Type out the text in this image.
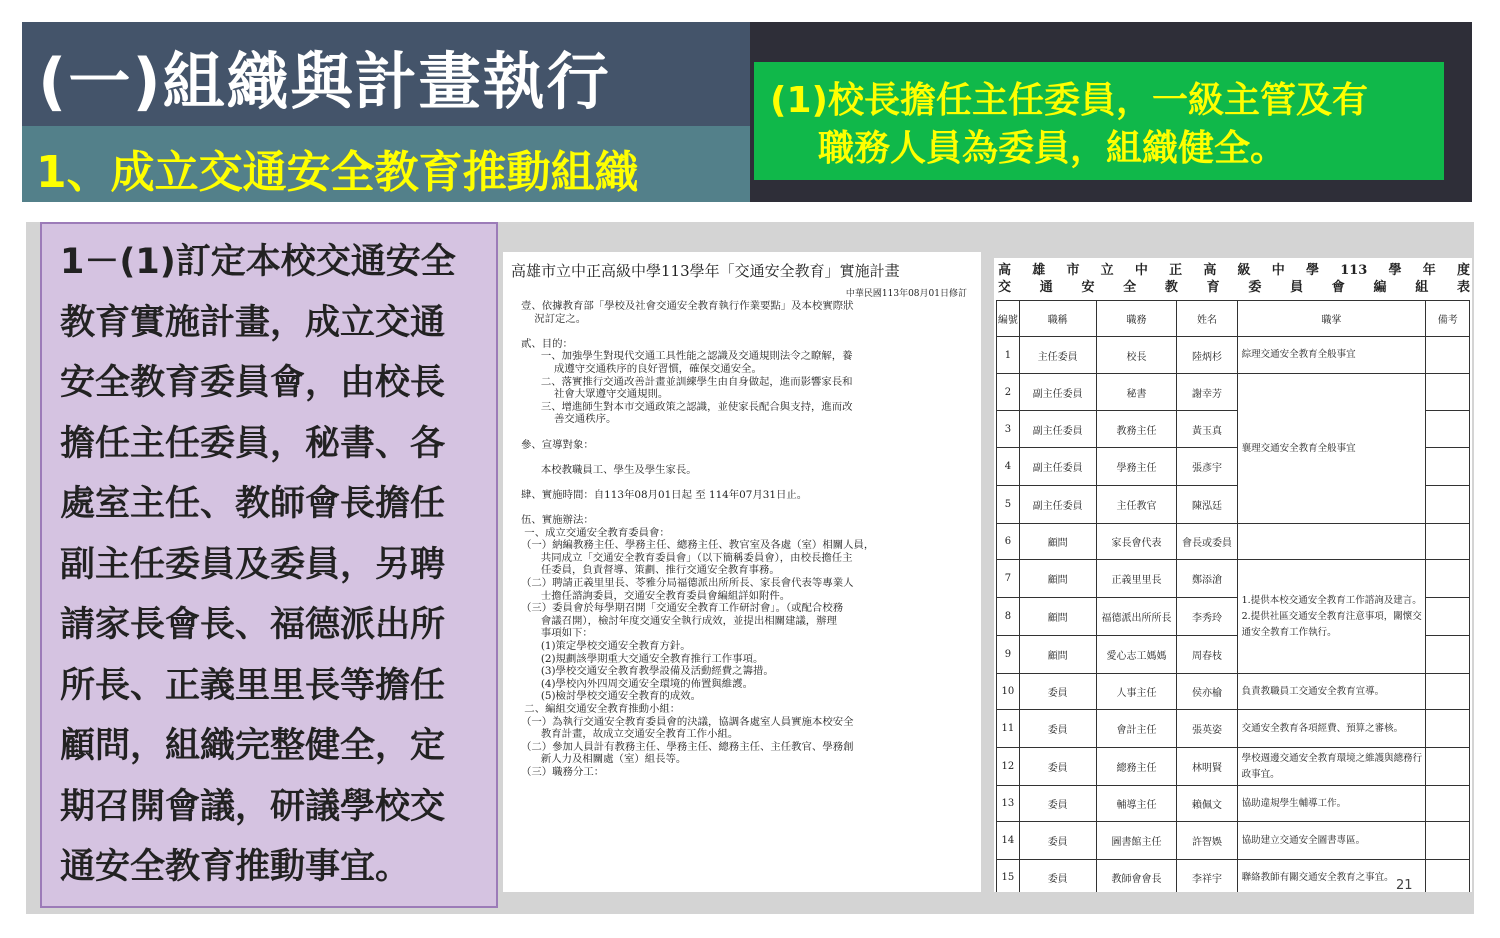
(一)組織與計畫執行
1、成立交通安全教育推動組織
(1)校長擔任主任委員，一級主管及有
職務人員為委員，組織健全。
1－(1)訂定本校交通安全
教育實施計畫，成立交通
安全教育委員會，由校長
擔任主任委員，秘書、各
處室主任、教師會長擔任
副主任委員及委員，另聘
請家長會長、福德派出所
所長、正義里里長等擔任
顧問，組織完整健全，定
期召開會議，研議學校交
通安全教育推動事宜。
高雄市立中正高級中學113學年「交通安全教育」實施計畫
中華民國113年08月01日修訂
壹、依據教育部「學校及社會交通安全教育執行作業要點」及本校實際狀
況訂定之。
貳、目的：
一、加強學生對現代交通工具性能之認識及交通規則法令之瞭解，養
成遵守交通秩序的良好習慣，確保交通安全。
二、落實推行交通改善計畫並訓練學生由自身做起，進而影響家長和
社會大眾遵守交通規則。
三、增進師生對本市交通政策之認識，並使家長配合與支持，進而改
善交通秩序。
參、宣導對象：
本校教職員工、學生及學生家長。
肆、實施時間：自113年08月01日起 至 114年07月31日止。
伍、實施辦法：
一、成立交通安全教育委員會：
（一）納編教務主任、學務主任、總務主任、教官室及各處（室）相關人員，
共同成立「交通安全教育委員會」（以下簡稱委員會），由校長擔任主
任委員，負責督導、策劃、推行交通安全教育事務。
（二）聘請正義里里長、苓雅分局福德派出所所長、家長會代表等專業人
士擔任諮詢委員，交通安全教育委員會編組詳如附件。
（三）委員會於每學期召開「交通安全教育工作研討會」。（或配合校務
會議召開），檢討年度交通安全執行成效，並提出相關建議，辦理
事項如下：
(1)策定學校交通安全教育方針。
(2)規劃該學期重大交通安全教育推行工作事項。
(3)學校交通安全教育教學設備及活動經費之籌措。
(4)學校內外四周交通安全環境的佈置與維護。
(5)檢討學校交通安全教育的成效。
二、編組交通安全教育推動小組：
（一）為執行交通安全教育委員會的決議，協調各處室人員實施本校安全
教育計畫，故成立交通安全教育工作小組。
（二）參加人員計有教務主任、學務主任、總務主任、主任教官、學務創
新人力及相關處（室）組長等。
（三）職務分工：
高雄市立中正高級中學113學年度
交通安全教育委員會編組表
編號	職稱	職務	姓名	職掌	備考
1	主任委員	校長	陸炳杉	綜理交通安全教育全般事宜	
2	副主任委員	秘書	謝幸芳	襄理交通安全教育全般事宜	
3	副主任委員	教務主任	黃玉真		
4	副主任委員	學務主任	張彥宇		
5	副主任委員	主任教官	陳泓廷		
6	顧問	家長會代表	會長或委員		
7	顧問	正義里里長	鄭添滄	1.提供本校交通安全教育工作諮詢及建言。 2.提供社區交通安全教育注意事項，關懷交通安全教育工作執行。	
8	顧問	福德派出所所長	李秀玲		
9	顧問	愛心志工媽媽	周春枝		
10	委員	人事主任	侯亦榆	負責教職員工交通安全教育宣導。	
11	委員	會計主任	張英姿	交通安全教育各項經費、預算之審核。	
12	委員	總務主任	林明賢	學校週邊交通安全教育環境之維護與總務行政事宜。	
13	委員	輔導主任	賴佩文	協助違規學生輔導工作。	
14	委員	圖書館主任	許智娛	協助建立交通安全圖書專區。	
15	委員	教師會會長	李祥宇	聯絡教師有關交通安全教育之事宜。	
21
